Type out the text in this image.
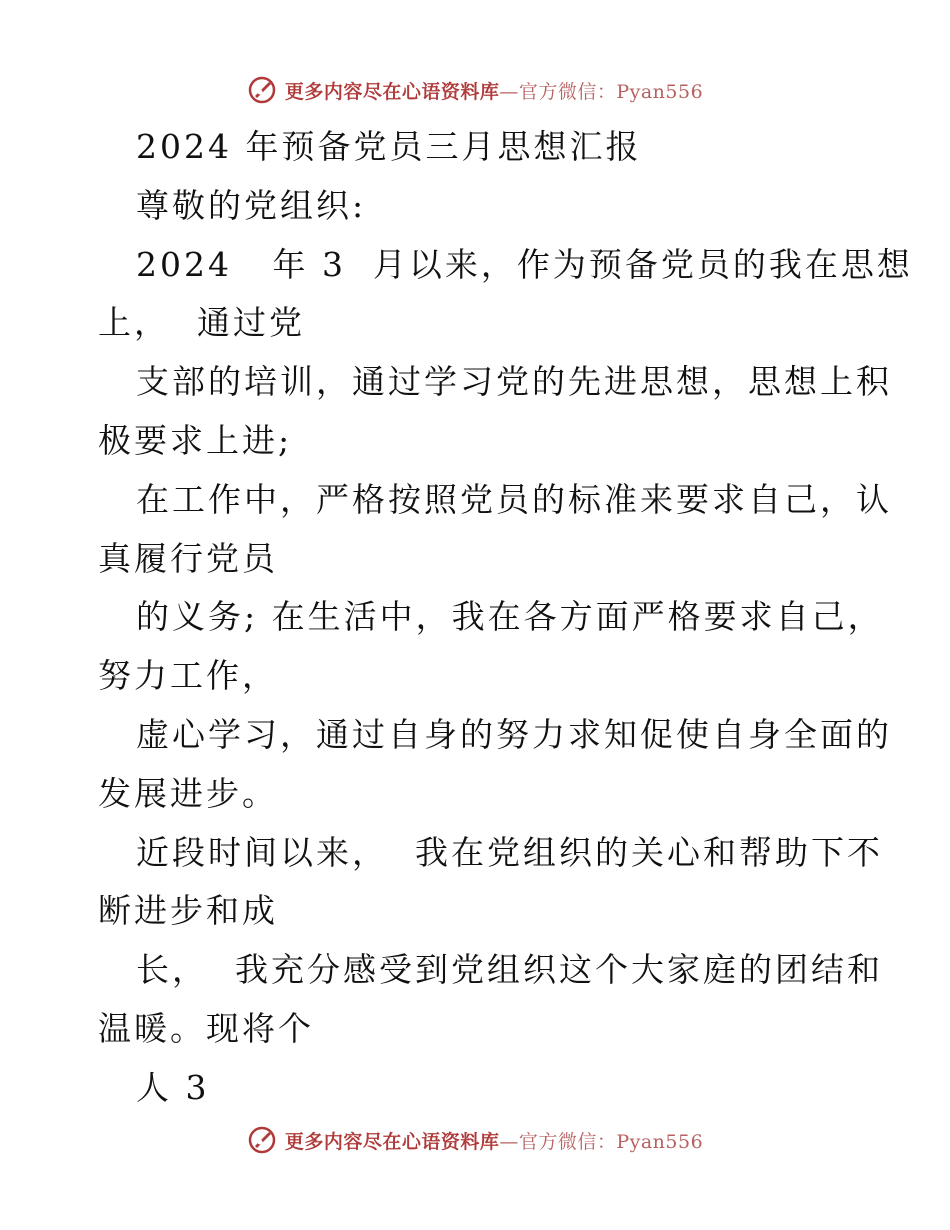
更多内容尽在心语资料库—官方微信：Pyan556
2024 年预备党员三月思想汇报
尊敬的党组织:
2024   年 3  月以来，作为预备党员的我在思想
上，  通过党
支部的培训，通过学习党的先进思想，思想上积
极要求上进;
在工作中，严格按照党员的标准来要求自己，认
真履行党员
的义务; 在生活中，我在各方面严格要求自己，
努力工作，
虚心学习，通过自身的努力求知促使自身全面的
发展进步。
近段时间以来，  我在党组织的关心和帮助下不
断进步和成
长，  我充分感受到党组织这个大家庭的团结和
温暖。现将个
人 3
更多内容尽在心语资料库—官方微信：Pyan556
